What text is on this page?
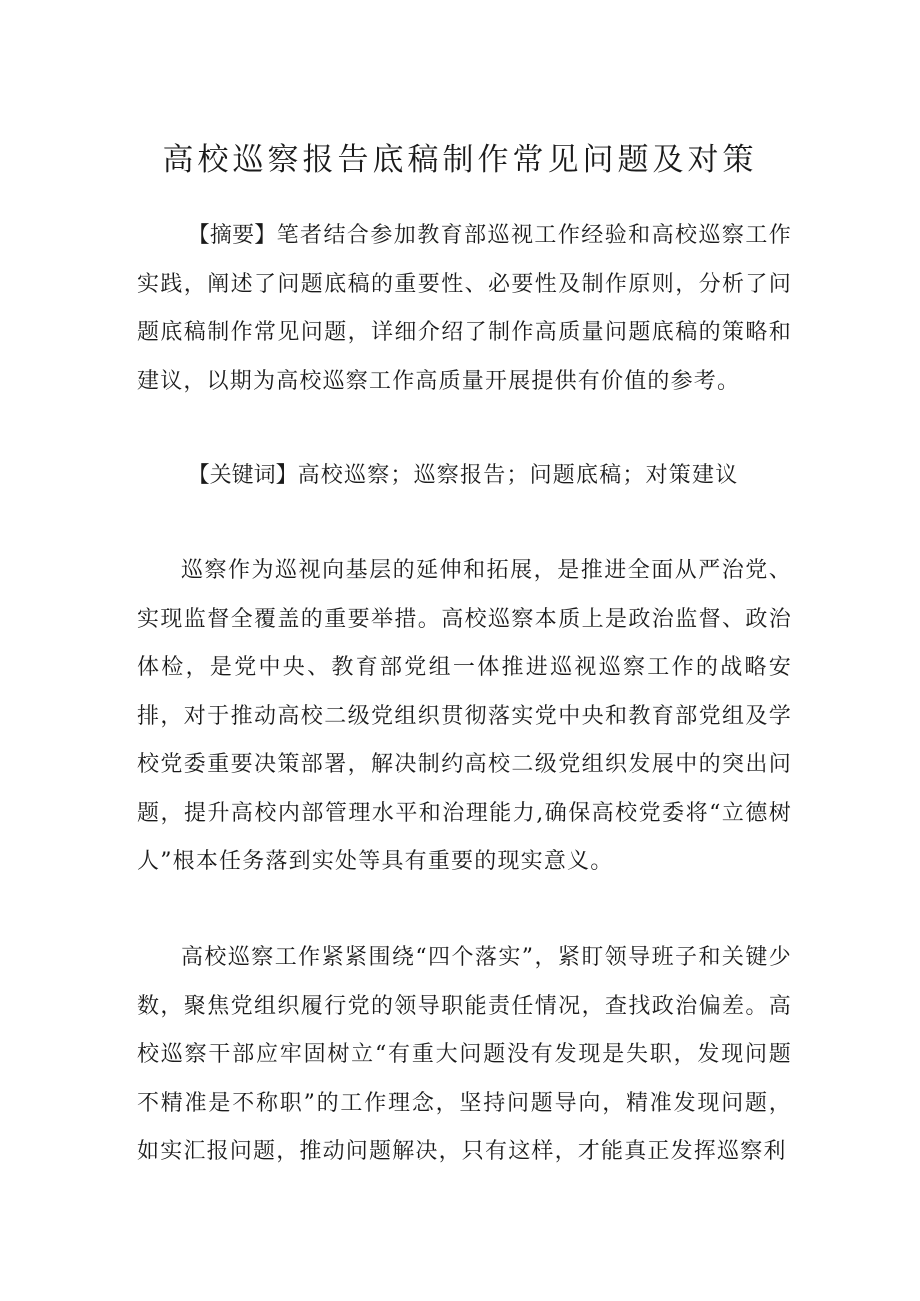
高校巡察报告底稿制作常见问题及对策

【摘要】笔者结合参加教育部巡视工作经验和高校巡察工作实践，阐述了问题底稿的重要性、必要性及制作原则，分析了问题底稿制作常见问题，详细介绍了制作高质量问题底稿的策略和建议，以期为高校巡察工作高质量开展提供有价值的参考。

【关键词】高校巡察；巡察报告；问题底稿；对策建议

巡察作为巡视向基层的延伸和拓展，是推进全面从严治党、实现监督全覆盖的重要举措。高校巡察本质上是政治监督、政治体检，是党中央、教育部党组一体推进巡视巡察工作的战略安排，对于推动高校二级党组织贯彻落实党中央和教育部党组及学校党委重要决策部署，解决制约高校二级党组织发展中的突出问题，提升高校内部管理水平和治理能力,确保高校党委将“立德树人”根本任务落到实处等具有重要的现实意义。

高校巡察工作紧紧围绕“四个落实”，紧盯领导班子和关键少数，聚焦党组织履行党的领导职能责任情况，查找政治偏差。高校巡察干部应牢固树立“有重大问题没有发现是失职，发现问题不精准是不称职”的工作理念，坚持问题导向，精准发现问题，如实汇报问题，推动问题解决，只有这样，才能真正发挥巡察利
